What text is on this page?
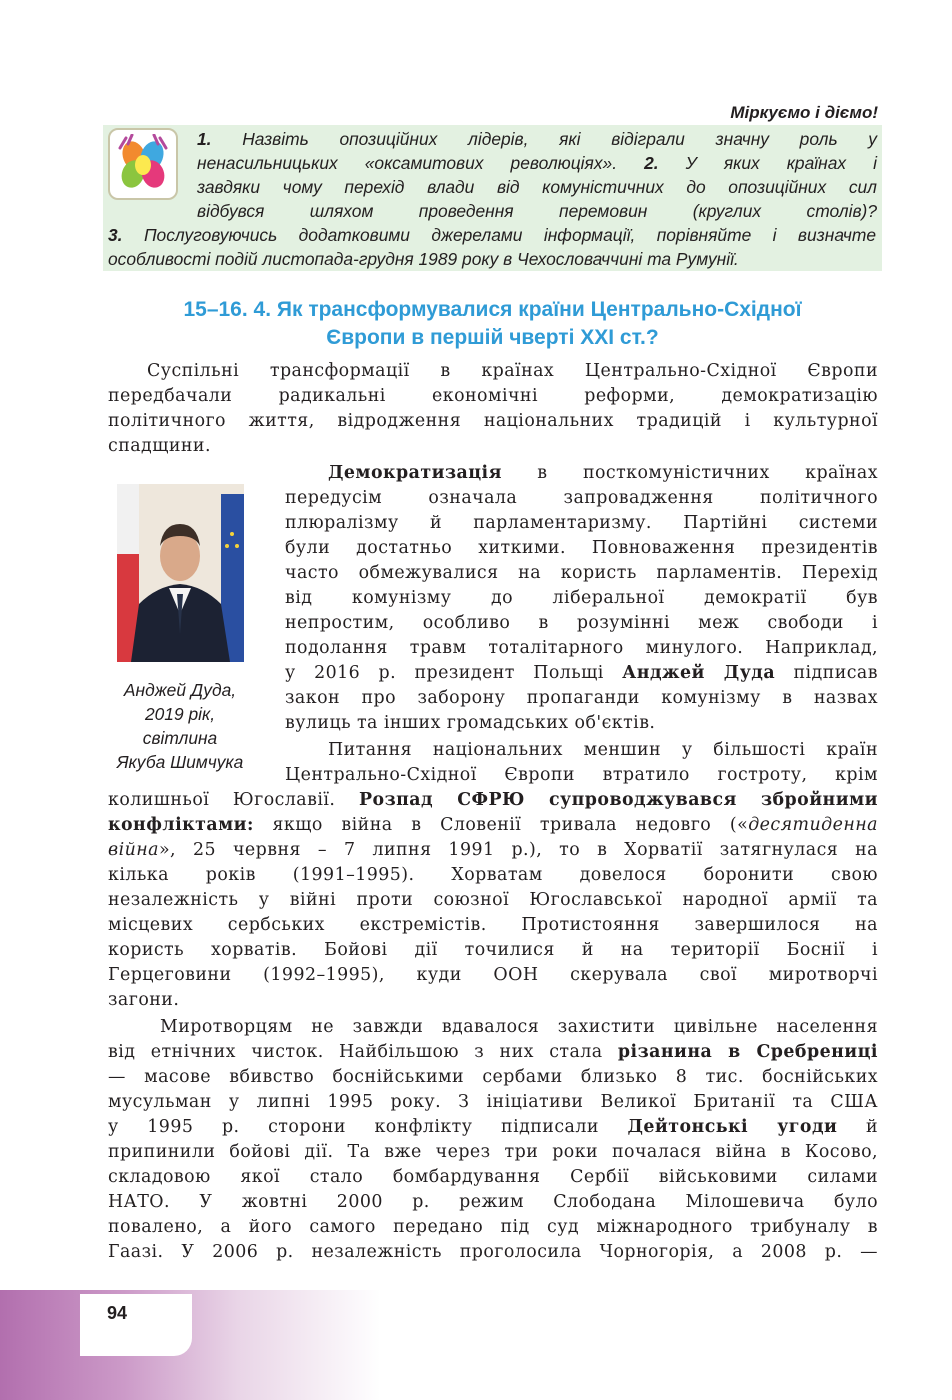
Міркуємо і діємо!
1. Назвіть опозиційних лідерів, які відіграли значну роль у
ненасильницьких «оксамитових революціях». 2. У яких країнах і
завдяки чому перехід влади від комуністичних до опозиційних сил
відбувся шляхом проведення перемовин (круглих столів)?
3. Послуговуючись додатковими джерелами інформації, порівняйте і визначте
особливості подій листопада-грудня 1989 року в Чехословаччині та Румунії.
15–16. 4. Як трансформувалися країни Центрально-Східної
Європи в першій чверті ХХІ ст.?
Суспільні трансформації в країнах Центрально-Східної Європи
передбачали радикальні економічні реформи, демократизацію
політичного життя, відродження національних традицій і культурної
спадщини.
Анджей Дуда,
2019 рік,
світлина
Якуба Шимчука
Демократизація в посткомуністичних країнах
передусім означала запровадження політичного
плюралізму й парламентаризму. Партійні системи
були достатньо хиткими. Повноваження президентів
часто обмежувалися на користь парламентів. Перехід
від комунізму до ліберальної демократії був
непростим, особливо в розумінні меж свободи і
подолання травм тоталітарного минулого. Наприклад,
у 2016 р. президент Польщі Анджей Дуда підписав
закон про заборону пропаганди комунізму в назвах
вулиць та інших громадських об'єктів.
Питання національних меншин у більшості країн
Центрально-Східної Європи втратило гостроту, крім
колишньої Югославії. Розпад СФРЮ супроводжувався збройними
конфліктами: якщо війна в Словенії тривала недовго («десятиденна
війна», 25 червня – 7 липня 1991 р.), то в Хорватії затягнулася на
кілька років (1991–1995). Хорватам довелося боронити свою
незалежність у війні проти союзної Югославської народної армії та
місцевих сербських екстремістів. Протистояння завершилося на
користь хорватів. Бойові дії точилися й на території Боснії і
Герцеговини (1992–1995), куди ООН скерувала свої миротворчі
загони.
Миротворцям не завжди вдавалося захистити цивільне населення
від етнічних чисток. Найбільшою з них стала різанина в Сребрениці
— масове вбивство боснійськими сербами близько 8 тис. боснійських
мусульман у липні 1995 року. З ініціативи Великої Британії та США
у 1995 р. сторони конфлікту підписали Дейтонські угоди й
припинили бойові дії. Та вже через три роки почалася війна в Косово,
складовою якої стало бомбардування Сербії військовими силами
НАТО. У жовтні 2000 р. режим Слободана Мілошевича було
повалено, а його самого передано під суд міжнародного трибуналу в
Гаазі. У 2006 р. незалежність проголосила Чорногорія, а 2008 р. —
94
